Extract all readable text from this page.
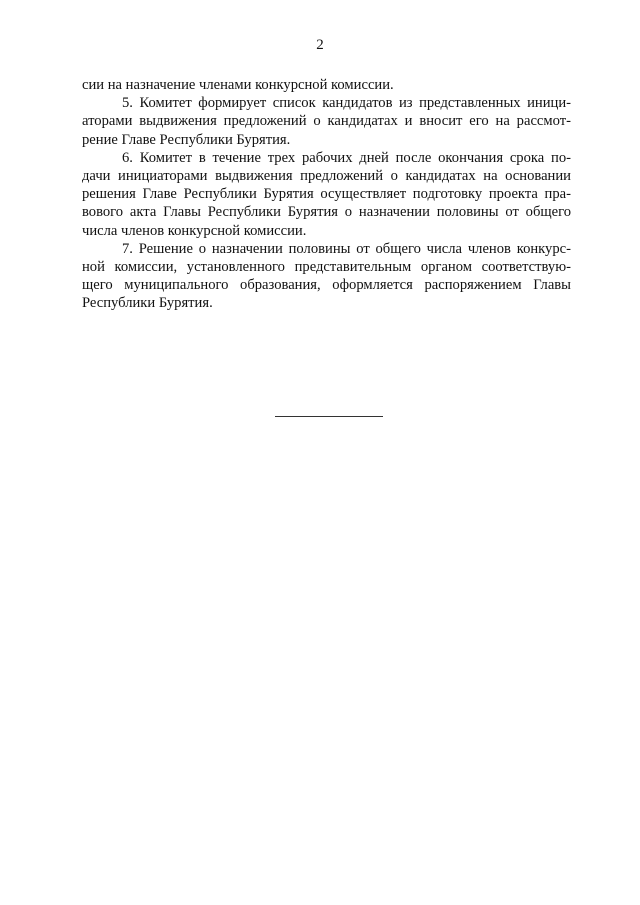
2
сии на назначение членами конкурсной комиссии.
5. Комитет формирует список кандидатов из представленных иници-
аторами выдвижения предложений о кандидатах и вносит его на рассмот-
рение Главе Республики Бурятия.
6. Комитет в течение трех рабочих дней после окончания срока по-
дачи инициаторами выдвижения предложений о кандидатах на основании
решения Главе Республики Бурятия осуществляет подготовку проекта пра-
вового акта Главы Республики Бурятия о назначении половины от общего
числа членов конкурсной комиссии.
7. Решение о назначении половины от общего числа членов конкурс-
ной комиссии, установленного представительным органом соответствую-
щего муниципального образования, оформляется распоряжением Главы
Республики Бурятия.
